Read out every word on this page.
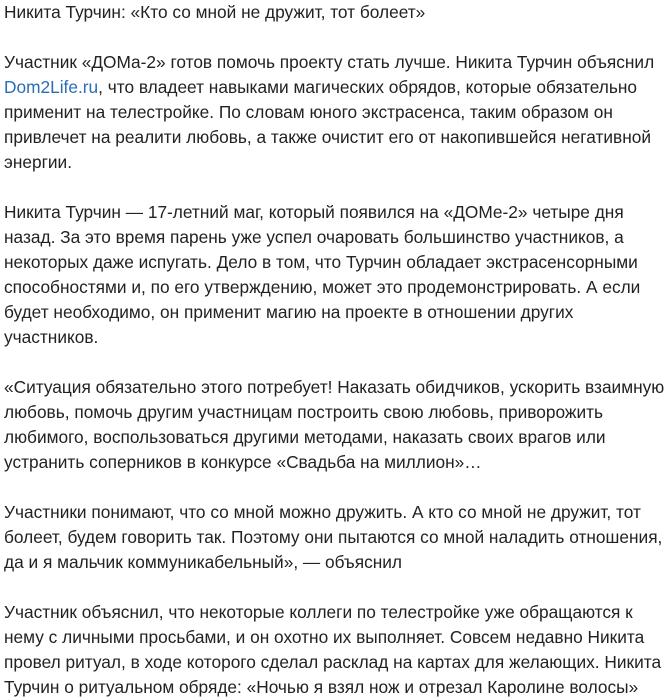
Никита Турчин: «Кто со мной не дружит, тот болеет»

Участник «ДОМа-2» готов помочь проекту стать лучше. Никита Турчин объяснил Dom2Life.ru, что владеет навыками магических обрядов, которые обязательно применит на телестройке. По словам юного экстрасенса, таким образом он привлечет на реалити любовь, а также очистит его от накопившейся негативной энергии.

Никита Турчин — 17-летний маг, который появился на «ДОМе-2» четыре дня назад. За это время парень уже успел очаровать большинство участников, а некоторых даже испугать. Дело в том, что Турчин обладает экстрасенсорными способностями и, по его утверждению, может это продемонстрировать. А если будет необходимо, он применит магию на проекте в отношении других участников.

«Ситуация обязательно этого потребует! Наказать обидчиков, ускорить взаимную любовь, помочь другим участницам построить свою любовь, приворожить любимого, воспользоваться другими методами, наказать своих врагов или устранить соперников в конкурсе «Свадьба на миллион»…

Участники понимают, что со мной можно дружить. А кто со мной не дружит, тот болеет, будем говорить так. Поэтому они пытаются со мной наладить отношения, да и я мальчик коммуникабельный», — объяснил

Участник объяснил, что некоторые коллеги по телестройке уже обращаются к нему с личными просьбами, и он охотно их выполняет. Совсем недавно Никита провел ритуал, в ходе которого сделал расклад на картах для желающих. Никита Турчин о ритуальном обряде: «Ночью я взял нож и отрезал Каролине волосы»
